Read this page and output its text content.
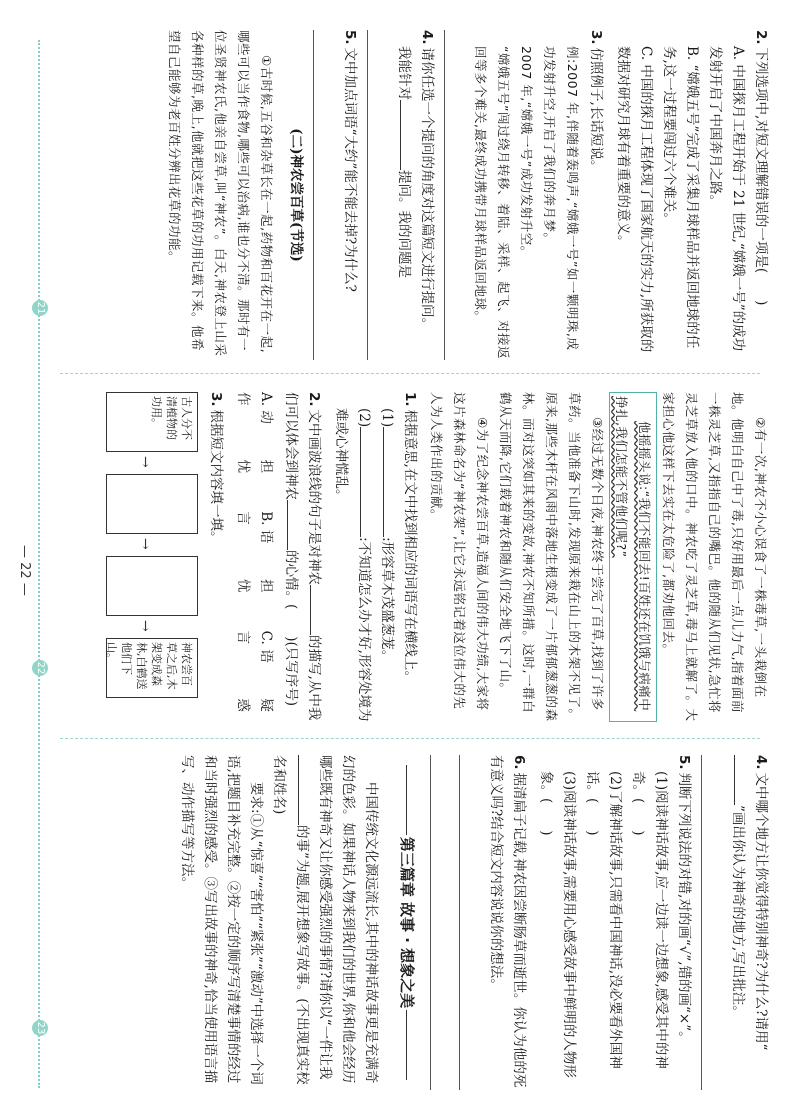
2.下列选项中,对短文理解错误的一项是(　　)

A. 中国探月工程开始于 21 世纪,“嫦娥一号”的成功发射开启了中国奔月之路。

B. “嫦娥五号”完成了采集月球样品并返回地球的任务,这一过程要闯过六个难关。

C. 中国的探月工程体现了国家航天的实力,所获取的数据对研究月球有着重要的意义。

3.仿照例子,长话短说。

例:2007 年,伴随着轰鸣声,“嫦娥一号”如一颗明珠,成功发射升空,开启了我们的奔月梦。

2007 年,“嫦娥一号”成功发射升空。

“嫦娥五号”闯过绕月转移、着陆、采样、起飞、对接返回等多个难关,最终成功携带月球样品返回地球。

4.请你任选一个提问的角度对这篇短文进行提问。

我能针对提问。我的问题是

5.文中加点词语“大约”能不能去掉?为什么?

(二)神农尝百草(节选)

①古时候,五谷和杂草长在一起,药物和百花开在一起,哪些可以当作食物,哪些可以治病,谁也分不清。那时有一位圣贤神农氏,他亲自尝草,叫“神农”。白天,神农登上山采各种样的草,晚上,他就把这些花草的功用记载下来。他希望自己能够为老百姓分辨出花草的功能。

②有一次,神农不小心误食了一株毒草,一头栽倒在地。他明白自己中了毒,只好用最后一点儿力气,指着面前一株灵芝草,又指指自己的嘴巴。他的随从们见状,急忙将灵芝草放入他的口中。神农吃了灵芝草,毒马上就解了。大家担心他这样下去实在太危险了,都劝他回去。他摇摇头说:“我们不能回去!百姓还在饥饿与病痛中挣扎,我们怎能不管他们呢?”

③经过无数个日夜,神农终于尝完了百草,找到了许多草药。当他准备下山时,发现原来栽在山上的木架不见了。原来,那些木杆在风雨中落地生根变成了一片郁郁葱葱的森林。而对这突如其来的变故,神农不知所措。这时,一群白鹤从天而降,它们载着神农和随从们安全地飞下了山。

④为了纪念神农尝百草,造福人间的伟大功绩,大家将这片森林命名为“神农架”,让它永远铭记着这位伟大的先人为人类作出的贡献。

1.根据意思,在文中找到相应的词语写在横线上。

(1):形容草木茂盛葱茏。

(2):不知道怎么办才好,形容处境为难或心神慌乱。

2.文中画波浪线的句子是对神农的描写,从中我们可以体会到神农的心情。(　　)(只写序号)

A. 动作
担忧
B. 语言
担忧
C. 语言
疑惑

3.根据短文内容填一填。

古人分不清植物的功用。
→
→
→
神农尝百草之后,木架变成森林,白鹤送他们下山。

4.文中哪个地方让你觉得特别神奇?为什么?请用“”画出你认为神奇的地方,写出批注。

5.判断下列说法的对错,对的画“√”,错的画“×”。

(1)阅读神话故事,应一边读一边想象,感受其中的神奇。(　　)

(2)了解神话故事,只需看中国神话,没必要看外国神话。(　　)

(3)阅读神话故事,需要用心感受故事中鲜明的人物形象。(　　)

6.据清扁子记载,神农因尝断肠草而逝世。你认为他的死有意义吗?结合短文内容说说你的想法。

第三篇章 故事 · 想象之美

中国传统文化源远流长,其中的神话故事更是充满奇幻的色彩。如果神话人物来到我们的世界,你和他会经历哪些既有神奇又让你感受强烈的事情?请你以“一件让我的事”为题,展开想象写故事。(不出现真实校名和姓名)

要求:①从“惊喜”“害怕”“紧张”“激动”中选择一个词语,把题目补充完整。②按一定的顺序写清楚事情的经过和当时强烈的感受。③写出故事的神奇,恰当使用语言描写、动作描写等方法。

21
22
23
— 22 —
